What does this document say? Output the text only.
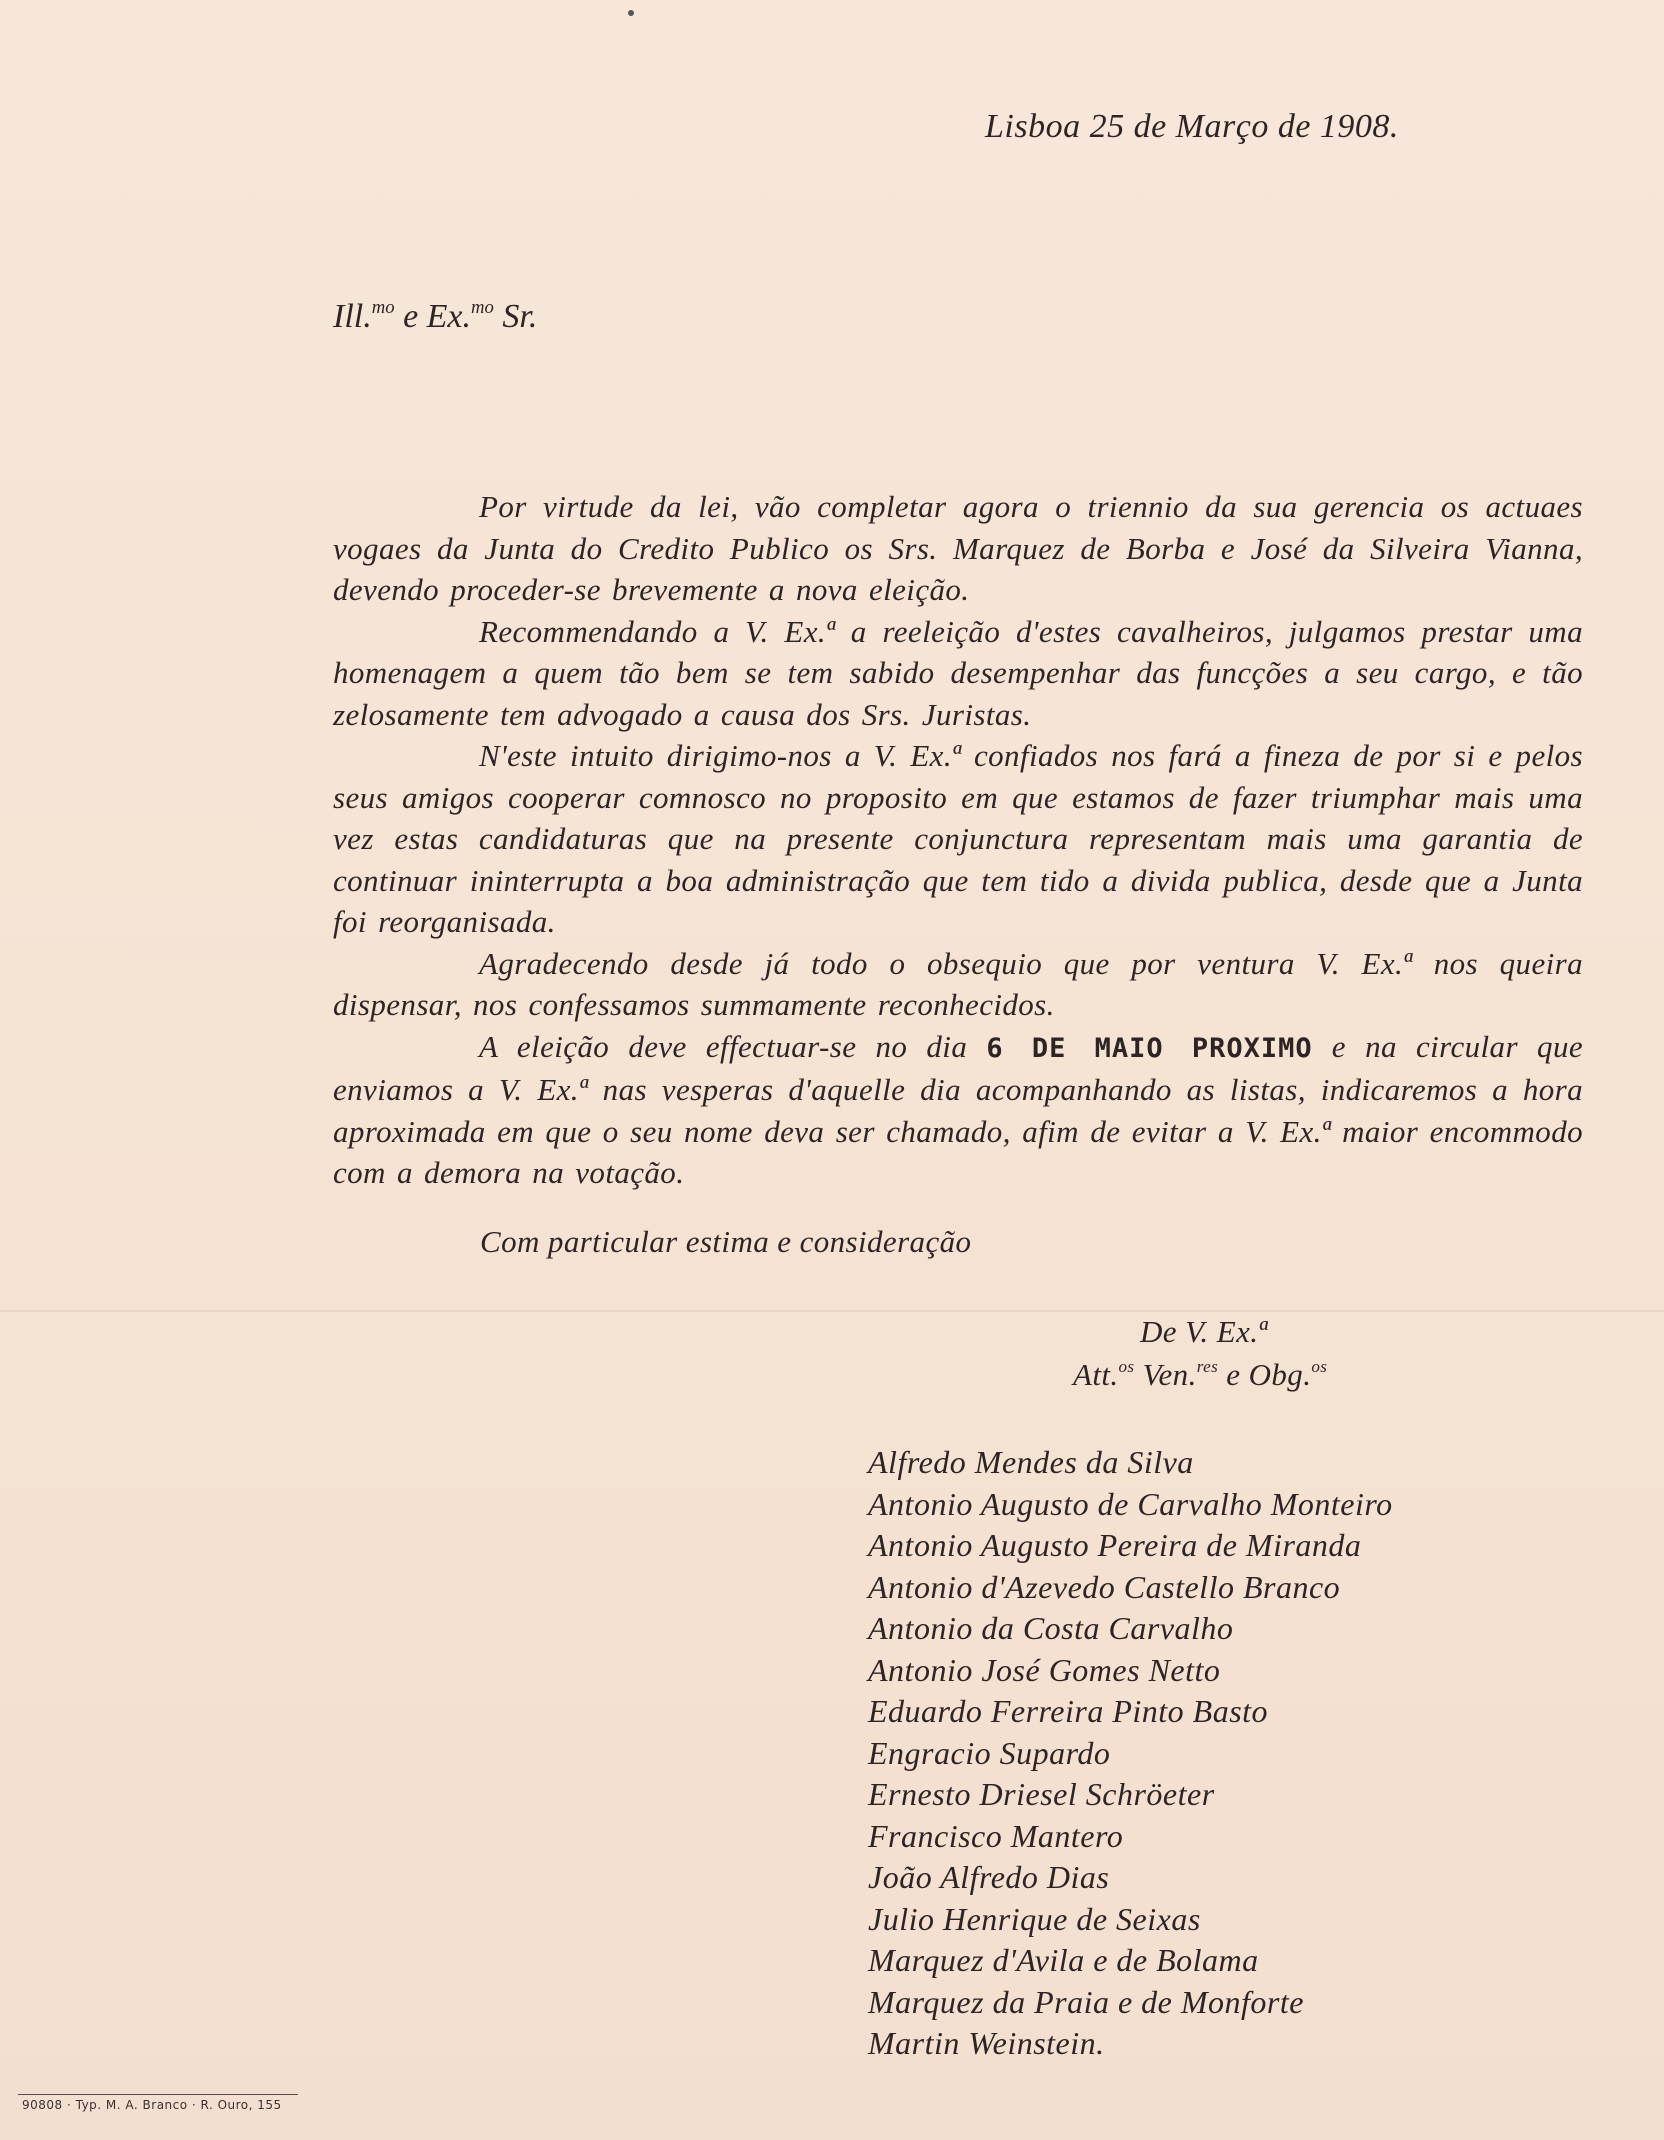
Lisboa 25 de Março de 1908.
Ill.$^{mo}$ e Ex.$^{mo}$ Sr.

Por virtude da lei, vão completar agora o triennio da sua gerencia os actuaes vogaes da Junta do Credito Publico os Srs. Marquez de Borba e José da Silveira Vianna, devendo proceder-se brevemente a nova eleição.

Recommendando a V. Ex.ª a reeleição d'estes cavalheiros, julgamos prestar uma homenagem a quem tão bem se tem sabido desempenhar das funcções a seu cargo, e tão zelosamente tem advogado a causa dos Srs. Juristas.

N'este intuito dirigimo-nos a V. Ex.ª confiados nos fará a fineza de por si e pelos seus amigos cooperar comnosco no proposito em que estamos de fazer triumphar mais uma vez estas candidaturas que na presente conjunctura representam mais uma garantia de continuar ininterrupta a boa administração que tem tido a divida publica, desde que a Junta foi reorganisada.

Agradecendo desde já todo o obsequio que por ventura V. Ex.ª nos queira dispensar, nos confessamos summamente reconhecidos.

A eleição deve effectuar-se no dia 6 DE MAIO PROXIMO e na circular que enviamos a V. Ex.ª nas vesperas d'aquelle dia acompanhando as listas, indicaremos a hora aproximada em que o seu nome deva ser chamado, afim de evitar a V. Ex.ª maior encommodo com a demora na votação.

Com particular estima e consideração
De V. Ex.ª
Att.$^{os}$ Ven.$^{res}$ e Obg.$^{os}$
Alfredo Mendes da Silva
Antonio Augusto de Carvalho Monteiro
Antonio Augusto Pereira de Miranda
Antonio d'Azevedo Castello Branco
Antonio da Costa Carvalho
Antonio José Gomes Netto
Eduardo Ferreira Pinto Basto
Engracio Supardo
Ernesto Driesel Schröeter
Francisco Mantero
João Alfredo Dias
Julio Henrique de Seixas
Marquez d'Avila e de Bolama
Marquez da Praia e de Monforte
Martin Weinstein.
90808 · Typ. M. A. Branco · R. Ouro, 155
